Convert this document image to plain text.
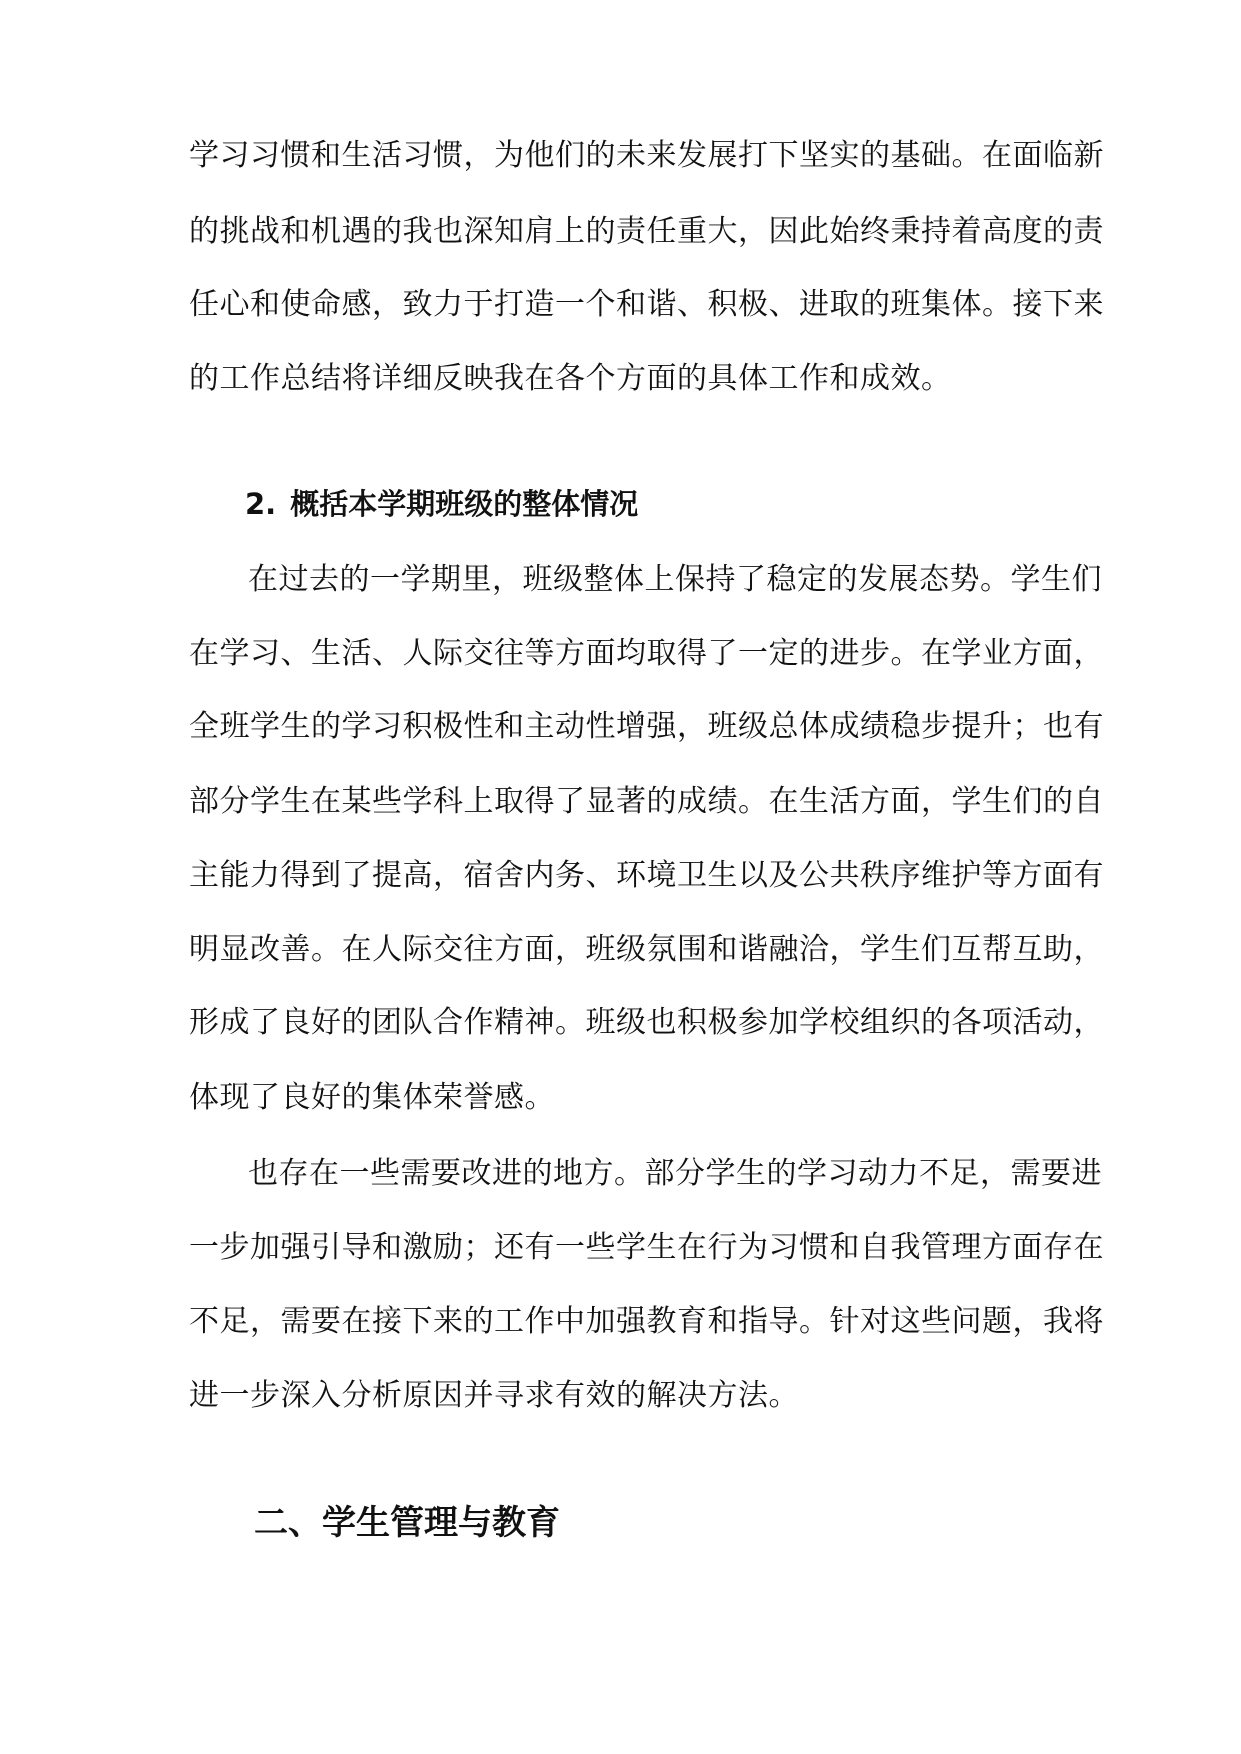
学习习惯和生活习惯，为他们的未来发展打下坚实的基础。在面临新
的挑战和机遇的我也深知肩上的责任重大，因此始终秉持着高度的责
任心和使命感，致力于打造一个和谐、积极、进取的班集体。接下来
的工作总结将详细反映我在各个方面的具体工作和成效。
2. 概括本学期班级的整体情况
在过去的一学期里，班级整体上保持了稳定的发展态势。学生们
在学习、生活、人际交往等方面均取得了一定的进步。在学业方面，
全班学生的学习积极性和主动性增强，班级总体成绩稳步提升；也有
部分学生在某些学科上取得了显著的成绩。在生活方面，学生们的自
主能力得到了提高，宿舍内务、环境卫生以及公共秩序维护等方面有
明显改善。在人际交往方面，班级氛围和谐融洽，学生们互帮互助，
形成了良好的团队合作精神。班级也积极参加学校组织的各项活动，
体现了良好的集体荣誉感。
也存在一些需要改进的地方。部分学生的学习动力不足，需要进
一步加强引导和激励；还有一些学生在行为习惯和自我管理方面存在
不足，需要在接下来的工作中加强教育和指导。针对这些问题，我将
进一步深入分析原因并寻求有效的解决方法。
二、学生管理与教育
